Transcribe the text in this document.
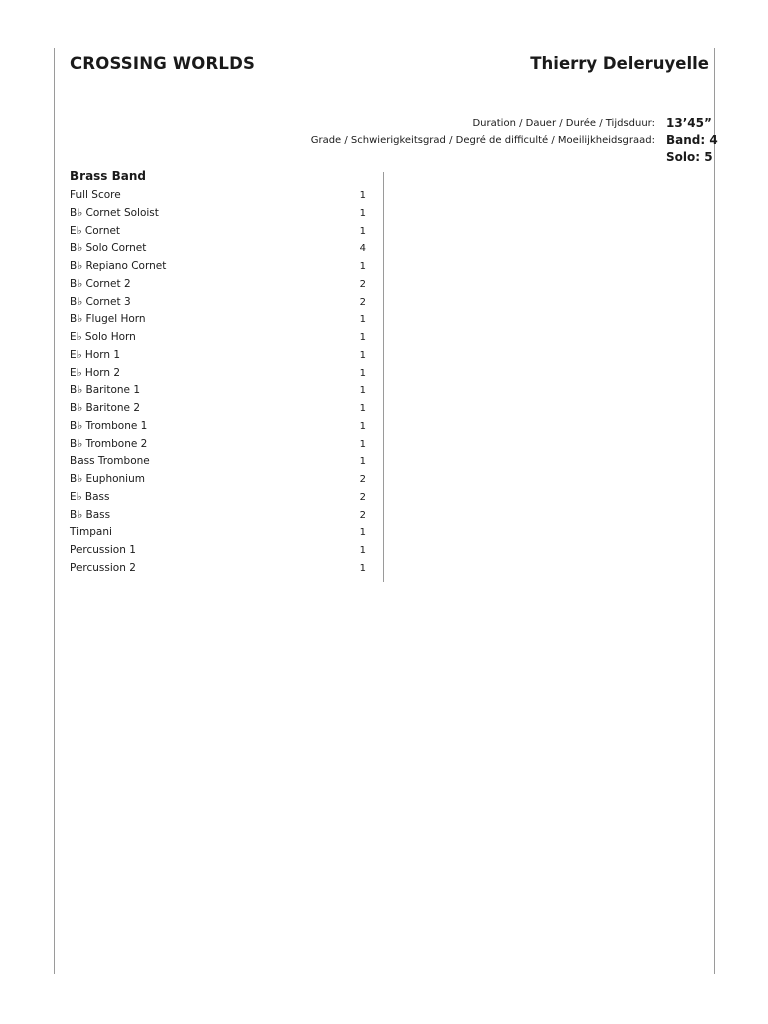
CROSSING WORLDS	Thierry Deleruyelle
Duration / Dauer / Durée / Tijdsduur: 13’45”
Grade / Schwierigkeitsgrad / Degré de difficulté / Moeilijkheidsgraad: Band: 4
Solo: 5
Brass Band
Full Score	1
B♭ Cornet Soloist	1
E♭ Cornet	1
B♭ Solo Cornet	4
B♭ Repiano Cornet	1
B♭ Cornet 2	2
B♭ Cornet 3	2
B♭ Flugel Horn	1
E♭ Solo Horn	1
E♭ Horn 1	1
E♭ Horn 2	1
B♭ Baritone 1	1
B♭ Baritone 2	1
B♭ Trombone 1	1
B♭ Trombone 2	1
Bass Trombone	1
B♭ Euphonium	2
E♭ Bass	2
B♭ Bass	2
Timpani	1
Percussion 1	1
Percussion 2	1
